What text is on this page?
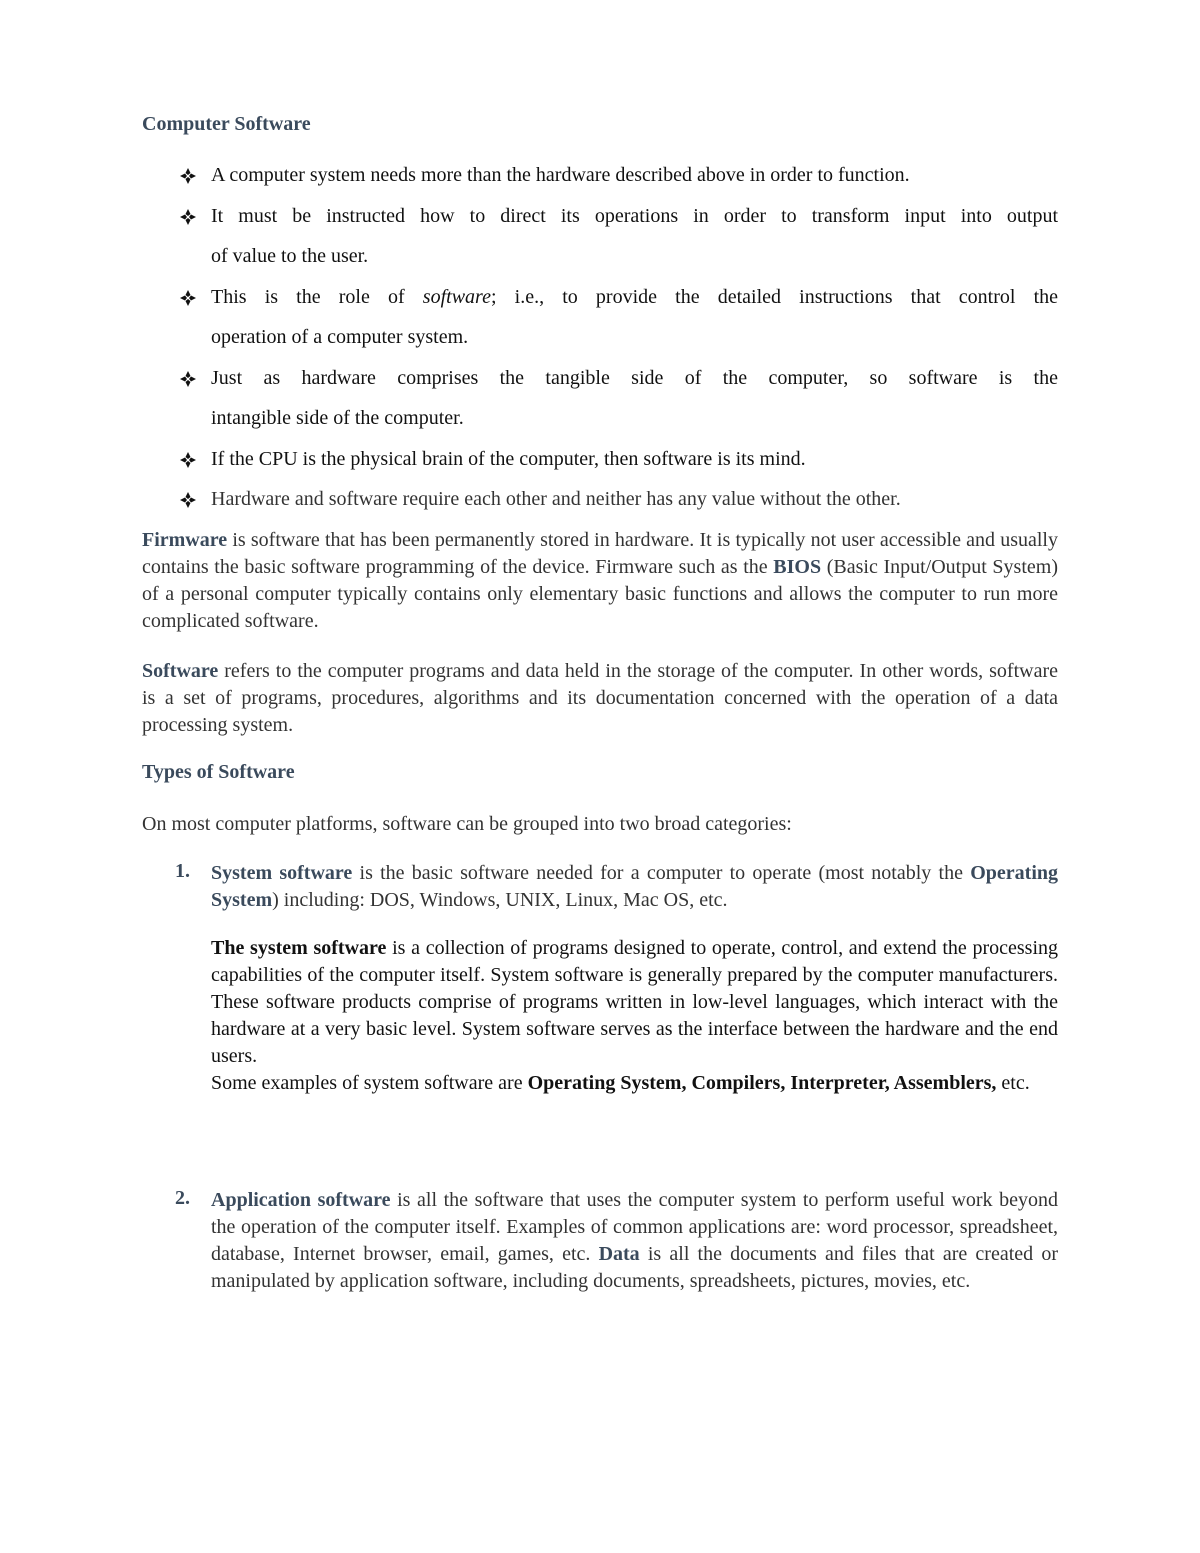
Computer Software
A computer system needs more than the hardware described above in order to function.
It must be instructed how to direct its operations in order to transform input into output
of value to the user.
This is the role of software; i.e., to provide the detailed instructions that control the
operation of a computer system.
Just as hardware comprises the tangible side of the computer, so software is the
intangible side of the computer.
If the CPU is the physical brain of the computer, then software is its mind.
Hardware and software require each other and neither has any value without the other.

Firmware is software that has been permanently stored in hardware. It is typically not user accessible and usually contains the basic software programming of the device. Firmware such as the BIOS (Basic Input/Output System) of a personal computer typically contains only elementary basic functions and allows the computer to run more complicated software.

Software refers to the computer programs and data held in the storage of the computer. In other words, software is a set of programs, procedures, algorithms and its documentation concerned with the operation of a data processing system.

Types of Software

On most computer platforms, software can be grouped into two broad categories:

1. System software is the basic software needed for a computer to operate (most notably the Operating System) including: DOS, Windows, UNIX, Linux, Mac OS, etc.

The system software is a collection of programs designed to operate, control, and extend the processing capabilities of the computer itself. System software is generally prepared by the computer manufacturers. These software products comprise of programs written in low-level languages, which interact with the hardware at a very basic level. System software serves as the interface between the hardware and the end users.

Some examples of system software are Operating System, Compilers, Interpreter, Assemblers, etc.

2. Application software is all the software that uses the computer system to perform useful work beyond the operation of the computer itself. Examples of common applications are: word processor, spreadsheet, database, Internet browser, email, games, etc. Data is all the documents and files that are created or manipulated by application software, including documents, spreadsheets, pictures, movies, etc.
